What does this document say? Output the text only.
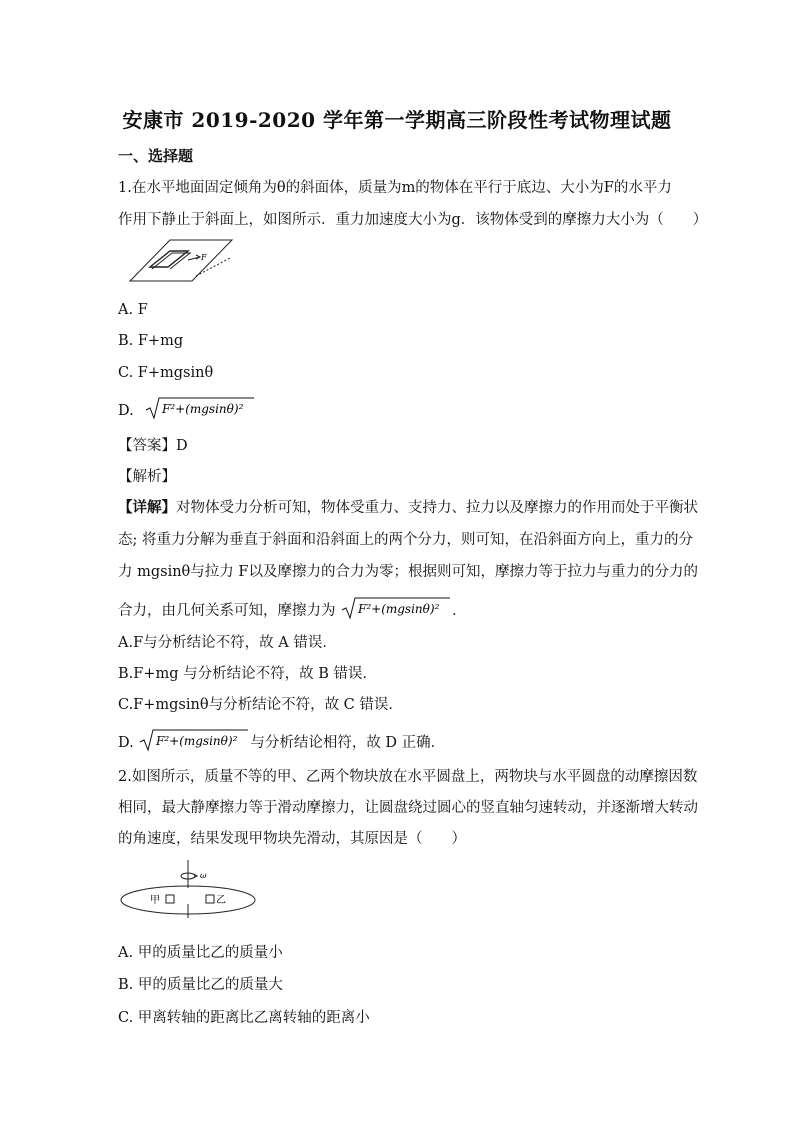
安康市 2019-2020 学年第一学期高三阶段性考试物理试题
一、选择题
1.在水平地面固定倾角为θ的斜面体，质量为m的物体在平行于底边、大小为F的水平力
作用下静止于斜面上，如图所示．重力加速度大小为g．该物体受到的摩擦力大小为（　　）
F
A. F
B. F+mg
C. F+mgsinθ
D. F²+(mgsinθ)²
【答案】D
【解析】
【详解】对物体受力分析可知，物体受重力、支持力、拉力以及摩擦力的作用而处于平衡状
态; 将重力分解为垂直于斜面和沿斜面上的两个分力，则可知，在沿斜面方向上，重力的分
力 mgsinθ与拉力 F以及摩擦力的合力为零；根据则可知，摩擦力等于拉力与重力的分力的
合力，由几何关系可知，摩擦力为 F²+(mgsinθ)² ．
A.F与分析结论不符，故 A 错误．
B.F+mg 与分析结论不符，故 B 错误．
C.F+mgsinθ与分析结论不符，故 C 错误．
D. F²+(mgsinθ)² 与分析结论相符，故 D 正确．
2.如图所示，质量不等的甲、乙两个物块放在水平圆盘上，两物块与水平圆盘的动摩擦因数
相同，最大静摩擦力等于滑动摩擦力，让圆盘绕过圆心的竖直轴匀速转动，并逐渐增大转动
的角速度，结果发现甲物块先滑动，其原因是（　　）
ω
甲	乙
A. 甲的质量比乙的质量小
B. 甲的质量比乙的质量大
C. 甲离转轴的距离比乙离转轴的距离小
